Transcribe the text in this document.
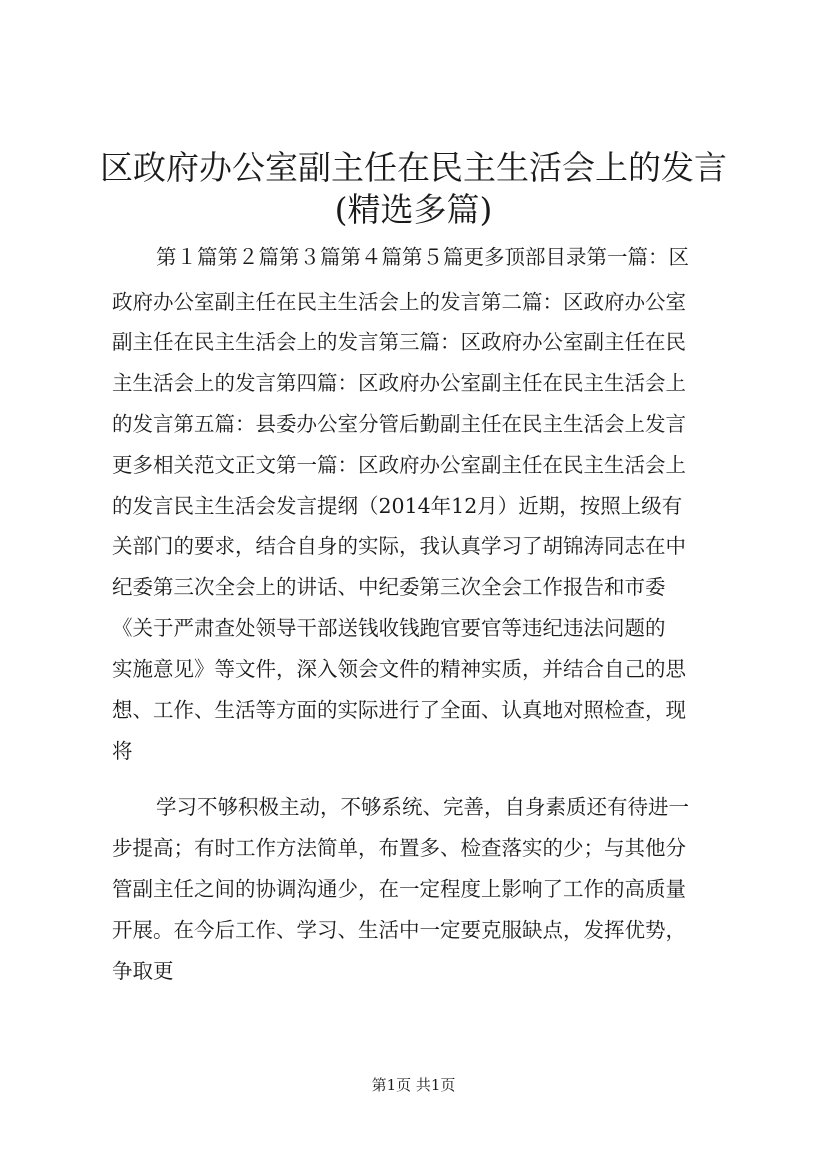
区政府办公室副主任在民主生活会上的发言
(精选多篇)

第１篇第２篇第３篇第４篇第５篇更多顶部目录第一篇：区

政府办公室副主任在民主生活会上的发言第二篇：区政府办公室

副主任在民主生活会上的发言第三篇：区政府办公室副主任在民

主生活会上的发言第四篇：区政府办公室副主任在民主生活会上

的发言第五篇：县委办公室分管后勤副主任在民主生活会上发言

更多相关范文正文第一篇：区政府办公室副主任在民主生活会上

的发言民主生活会发言提纲（2014年12月）近期，按照上级有

关部门的要求，结合自身的实际，我认真学习了胡锦涛同志在中

纪委第三次全会上的讲话、中纪委第三次全会工作报告和市委

《关于严肃查处领导干部送钱收钱跑官要官等违纪违法问题的

实施意见》等文件，深入领会文件的精神实质，并结合自己的思

想、工作、生活等方面的实际进行了全面、认真地对照检查，现

将

学习不够积极主动，不够系统、完善，自身素质还有待进一

步提高；有时工作方法简单，布置多、检查落实的少；与其他分

管副主任之间的协调沟通少，在一定程度上影响了工作的高质量

开展。在今后工作、学习、生活中一定要克服缺点，发挥优势，

争取更

第1页 共1页
